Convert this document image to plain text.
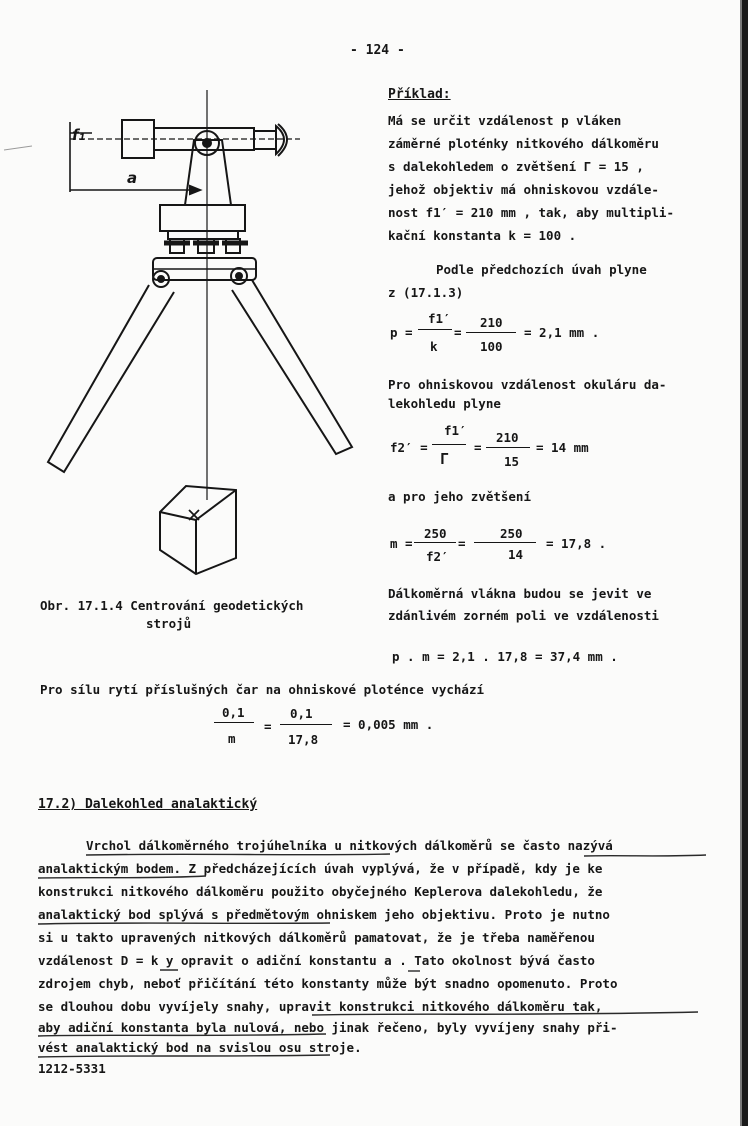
- 124 -
f₁
a
Obr. 17.1.4 Centrování geodetických
strojů
Příklad:
Má se určit vzdálenost p vláken
záměrné ploténky nitkového dálkoměru
s dalekohledem o zvětšení Γ = 15 ,
jehož objektiv má ohniskovou vzdále-
nost f1′ = 210 mm , tak, aby multipli-
kační konstanta k = 100 .
Podle předchozích úvah plyne
z (17.1.3)
p =
f1′
k
=
210
100
= 2,1 mm .
Pro ohniskovou vzdálenost okuláru da-
lekohledu plyne
f2′ =
f1′
Γ
=
210
15
= 14 mm
a pro jeho zvětšení
m =
250
f2′
=
250
14
= 17,8 .
Dálkoměrná vlákna budou se jevit ve
zdánlivém zorném poli ve vzdálenosti
p . m = 2,1 . 17,8 = 37,4 mm .
Pro sílu rytí příslušných čar na ohniskové ploténce vychází
0,1
m
=
0,1
17,8
= 0,005 mm .
17.2) Dalekohled analaktický
Vrchol dálkoměrného trojúhelníka u nitkových dálkoměrů se často nazývá
analaktickým bodem. Z předcházejících úvah vyplývá, že v případě, kdy je ke
konstrukci nitkového dálkoměru použito obyčejného Keplerova dalekohledu, že
analaktický bod splývá s předmětovým ohniskem jeho objektivu. Proto je nutno
si u takto upravených nitkových dálkoměrů pamatovat, že je třeba naměřenou
vzdálenost D = k y opravit o adiční konstantu a . Tato okolnost bývá často
zdrojem chyb, neboť přičítání této konstanty může být snadno opomenuto. Proto
se dlouhou dobu vyvíjely snahy, upravit konstrukci nitkového dálkoměru tak,
aby adiční konstanta byla nulová, nebo jinak řečeno, byly vyvíjeny snahy při-
vést analaktický bod na svislou osu stroje.
1212-5331
